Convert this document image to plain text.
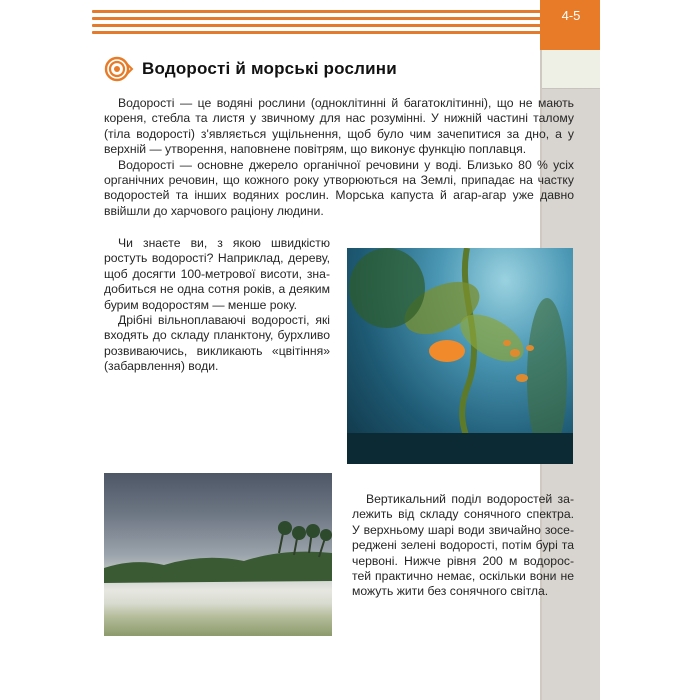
4-5
Водорості й морські рослини

Водорості — це водяні рослини (одноклітинні й багатоклітинні), що не мають кореня, стебла та листя у звичному для нас розумінні. У нижній частині талому (тіла водорості) з'являється ущільнення, щоб було чим зачепитися за дно, а у верхній — утворення, наповнене повітрям, що виконує функцію поплавця.

Водорості — основне джерело органічної речовини у воді. Близько 80 % усіх органічних речовин, що кожного року утворюються на Землі, припадає на частку водоростей та інших водяних рослин. Морська капуста й агар-агар уже давно ввійшли до харчового раціону людини.

Чи знаєте ви, з якою швидкістю ростуть водорості? Наприклад, дереву, щоб досягти 100-метрової висоти, знадобиться не одна сотня років, а деяким бурим водоростям — менше року.

Дрібні вільноплаваючі водорості, які входять до складу планктону, бурхливо розвиваючись, викликають «цвітіння» (забарвлення) води.

Вертикальний поділ водоростей залежить від складу сонячного спектра. У верхньому шарі води звичайно зосереджені зелені водорості, потім бурі та червоні. Нижче рівня 200 м водоростей практично немає, оскільки вони не можуть жити без сонячного світла.
